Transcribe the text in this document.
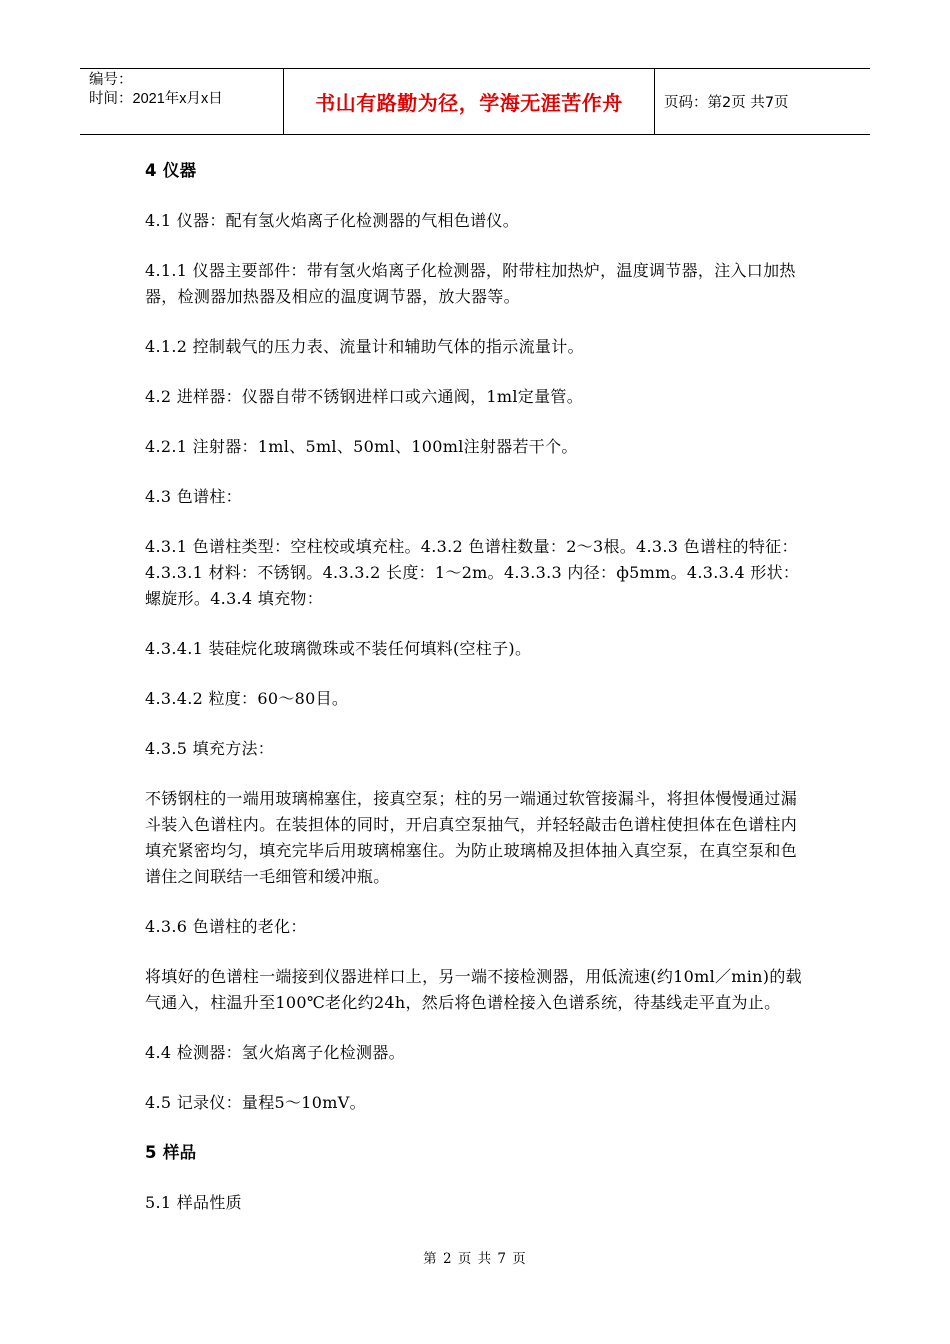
编号：
时间：2021年x月x日	书山有路勤为径，学海无涯苦作舟	页码：第2页 共7页

4 仪器

4.1 仪器：配有氢火焰离子化检测器的气相色谱仪。

4.1.1 仪器主要部件：带有氢火焰离子化检测器，附带柱加热炉，温度调节器，注入口加热器，检测器加热器及相应的温度调节器，放大器等。

4.1.2 控制载气的压力表、流量计和辅助气体的指示流量计。

4.2 进样器：仪器自带不锈钢进样口或六通阀，1ml定量管。

4.2.1 注射器：1ml、5ml、50ml、100ml注射器若干个。

4.3 色谱柱：

4.3.1 色谱柱类型：空柱校或填充柱。4.3.2 色谱柱数量：2～3根。4.3.3 色谱柱的特征：4.3.3.1 材料：不锈钢。4.3.3.2 长度：1～2m。4.3.3.3 内径：ф5mm。4.3.3.4 形状：螺旋形。4.3.4 填充物：

4.3.4.1 装硅烷化玻璃微珠或不装任何填料(空柱子)。

4.3.4.2 粒度：60～80目。

4.3.5 填充方法：

不锈钢柱的一端用玻璃棉塞住，接真空泵；柱的另一端通过软管接漏斗，将担体慢慢通过漏斗装入色谱柱内。在装担体的同时，开启真空泵抽气，并轻轻敲击色谱柱使担体在色谱柱内填充紧密均匀，填充完毕后用玻璃棉塞住。为防止玻璃棉及担体抽入真空泵，在真空泵和色谱住之间联结一毛细管和缓冲瓶。

4.3.6 色谱柱的老化：

将填好的色谱柱一端接到仪器进样口上，另一端不接检测器，用低流速(约10ml／min)的载气通入，柱温升至100℃老化约24h，然后将色谱栓接入色谱系统，待基线走平直为止。

4.4 检测器：氢火焰离子化检测器。

4.5 记录仪：量程5～10mV。

5 样品

5.1 样品性质

第 2 页 共 7 页
